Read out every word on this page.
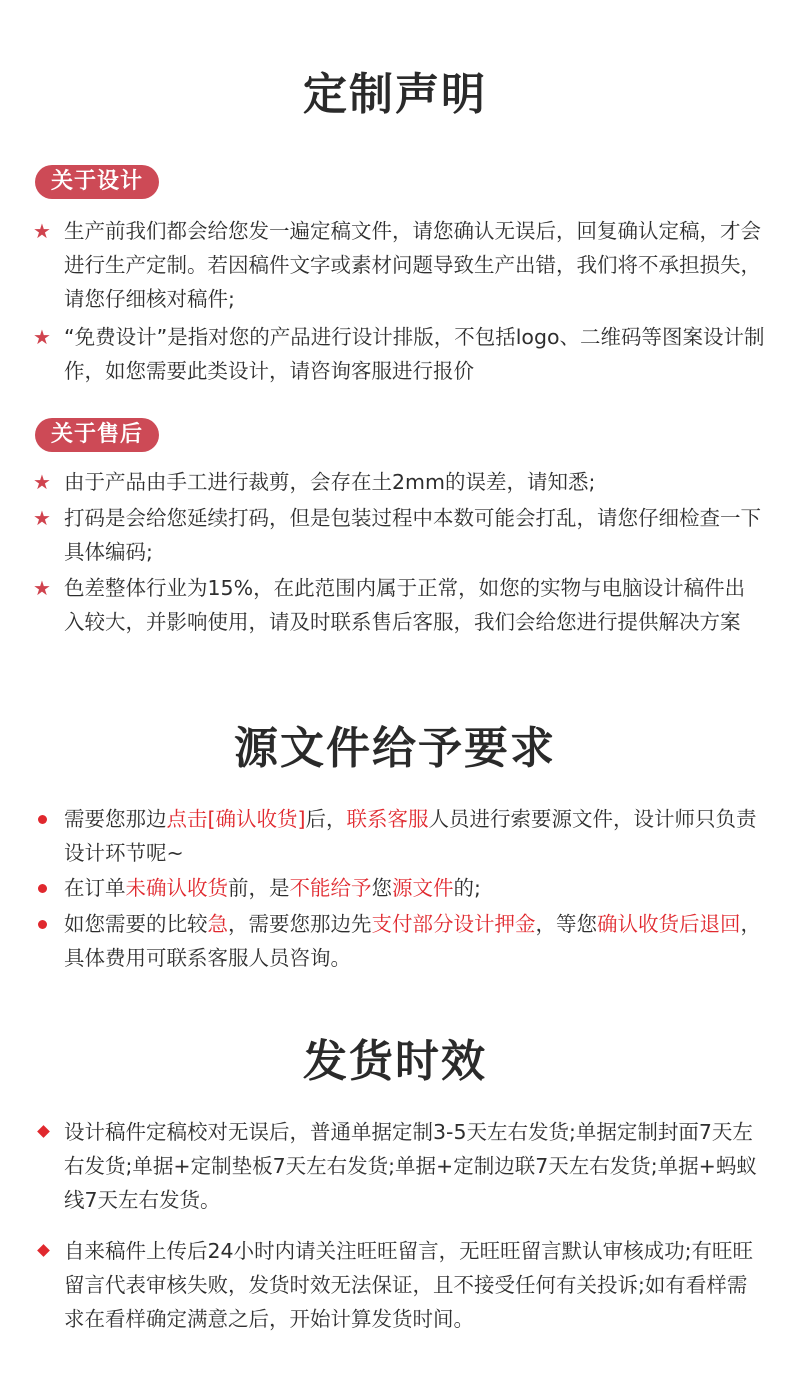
定制声明
关于设计
★ 生产前我们都会给您发一遍定稿文件，请您确认无误后，回复确认定稿，才会进行生产定制。若因稿件文字或素材问题导致生产出错，我们将不承担损失，请您仔细核对稿件;
★ “免费设计”是指对您的产品进行设计排版，不包括logo、二维码等图案设计制作，如您需要此类设计，请咨询客服进行报价
关于售后
★ 由于产品由手工进行裁剪，会存在土2mm的误差，请知悉;
★ 打码是会给您延续打码，但是包装过程中本数可能会打乱，请您仔细检查一下具体编码;
★ 色差整体行业为15%，在此范围内属于正常，如您的实物与电脑设计稿件出入较大，并影响使用，请及时联系售后客服，我们会给您进行提供解决方案
源文件给予要求
需要您那边点击[确认收货]后，联系客服人员进行索要源文件，设计师只负责设计环节呢~
在订单未确认收货前，是不能给予您源文件的;
如您需要的比较急，需要您那边先支付部分设计押金，等您确认收货后退回，具体费用可联系客服人员咨询。
发货时效
设计稿件定稿校对无误后，普通单据定制3-5天左右发货;单据定制封面7天左右发货;单据+定制垫板7天左右发货;单据+定制边联7天左右发货;单据+蚂蚁线7天左右发货。
自来稿件上传后24小时内请关注旺旺留言，无旺旺留言默认审核成功;有旺旺留言代表审核失败，发货时效无法保证，且不接受任何有关投诉;如有看样需求在看样确定满意之后，开始计算发货时间。
